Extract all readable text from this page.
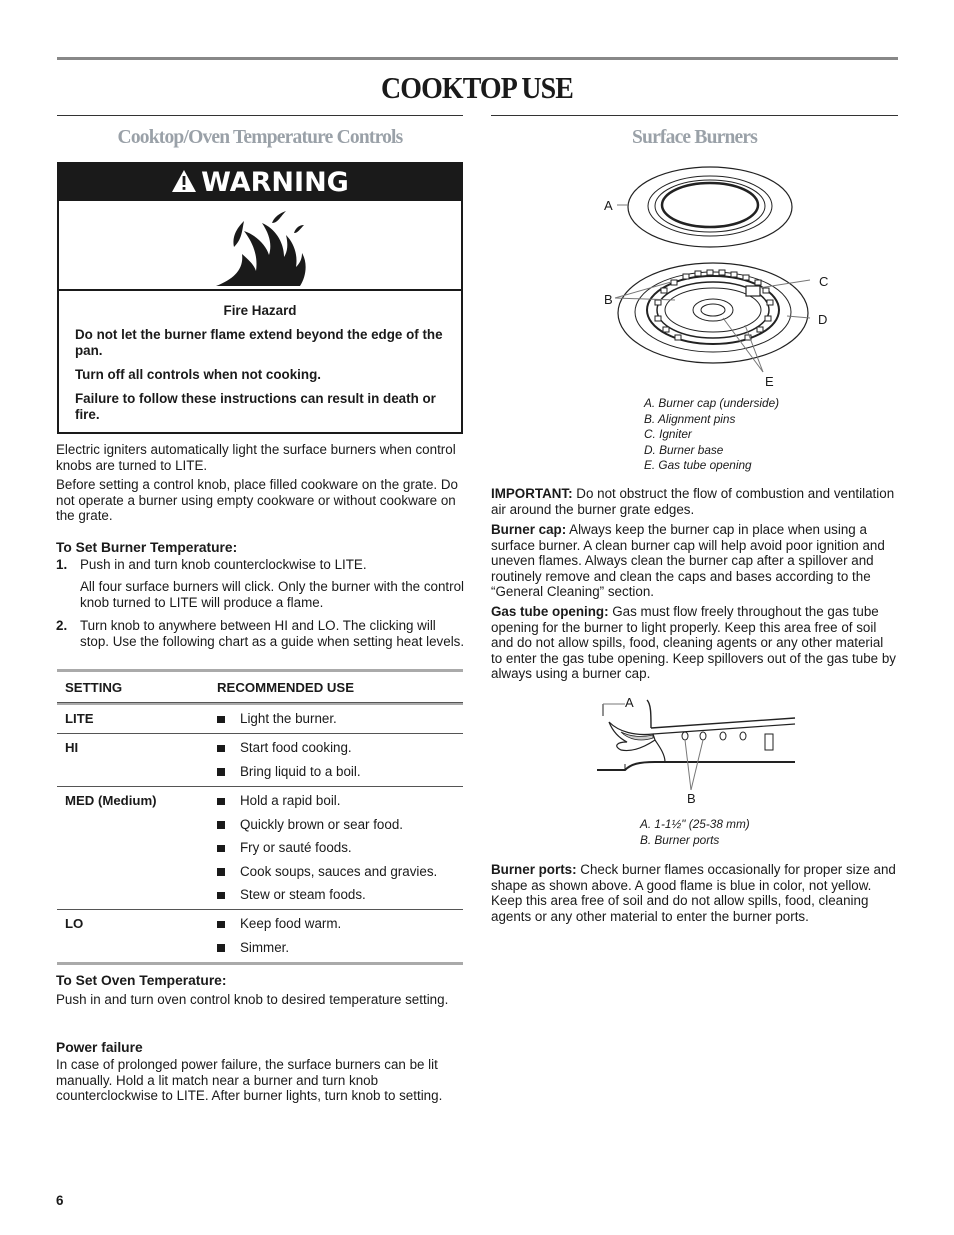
COOKTOP USE
Cooktop/Oven Temperature Controls
WARNING
Fire Hazard

Do not let the burner flame extend beyond the edge of the pan.

Turn off all controls when not cooking.

Failure to follow these instructions can result in death or fire.

Electric igniters automatically light the surface burners when control knobs are turned to LITE.

Before setting a control knob, place filled cookware on the grate. Do not operate a burner using empty cookware or without cookware on the grate.

To Set Burner Temperature:
1. Push in and turn knob counterclockwise to LITE.

All four surface burners will click. Only the burner with the control knob turned to LITE will produce a flame.

2. Turn knob to anywhere between HI and LO. The clicking will stop. Use the following chart as a guide when setting heat levels.

SETTING	RECOMMENDED USE
LITE	Light the burner.
HI	Start food cooking.
Bring liquid to a boil.
MED (Medium)	Hold a rapid boil.
Quickly brown or sear food.
Fry or sauté foods.
Cook soups, sauces and gravies.
Stew or steam foods.
LO	Keep food warm.
Simmer.
To Set Oven Temperature:

Push in and turn oven control knob to desired temperature setting.

Power failure

In case of prolonged power failure, the surface burners can be lit manually. Hold a lit match near a burner and turn knob counterclockwise to LITE. After burner lights, turn knob to setting.

Surface Burners
A
B
C
D
E
A. Burner cap (underside)
B. Alignment pins
C. Igniter
D. Burner base
E. Gas tube opening

IMPORTANT: Do not obstruct the flow of combustion and ventilation air around the burner grate edges.

Burner cap: Always keep the burner cap in place when using a surface burner. A clean burner cap will help avoid poor ignition and uneven flames. Always clean the burner cap after a spillover and routinely remove and clean the caps and bases according to the “General Cleaning” section.

Gas tube opening: Gas must flow freely throughout the gas tube opening for the burner to light properly. Keep this area free of soil and do not allow spills, food, cleaning agents or any other material to enter the gas tube opening. Keep spillovers out of the gas tube by always using a burner cap.

A
B
A. 1-1½" (25-38 mm)
B. Burner ports

Burner ports: Check burner flames occasionally for proper size and shape as shown above. A good flame is blue in color, not yellow. Keep this area free of soil and do not allow spills, food, cleaning agents or any other material to enter the burner ports.

6
